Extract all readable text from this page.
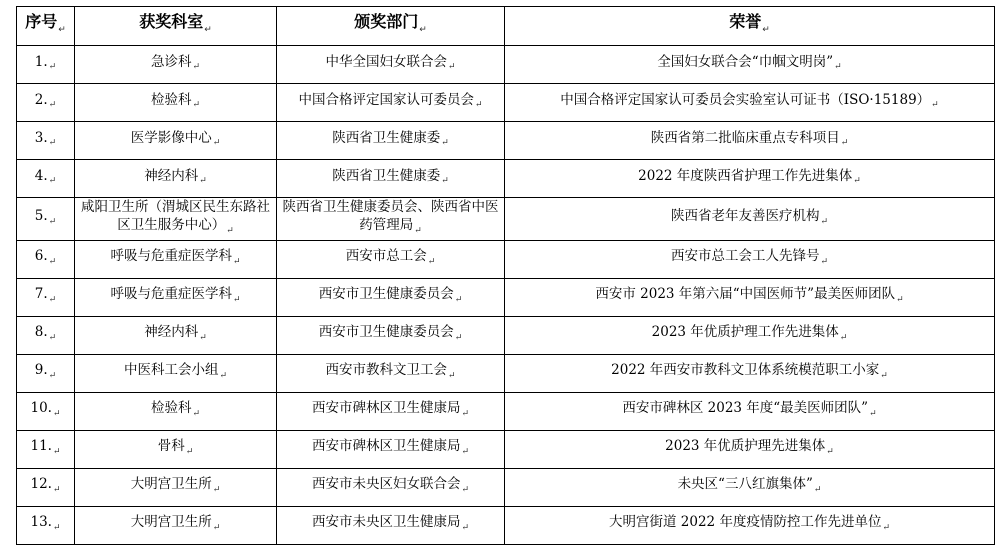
序号$_↵$	获奖科室$_↵$	颁奖部门$_↵$	荣誉$_↵$
$1._↵$	急诊科$_↵$	中华全国妇女联合会$_↵$	全国妇女联合会“巾帼文明岗$”_↵$
$2._↵$	检验科$_↵$	中国合格评定国家认可委员会$_↵$	中国合格评定国家认可委员会实验室认可证书$(ISO\cdot 15189)_↵$
$3._↵$	医学影像中心$_↵$	陕西省卫生健康委$_↵$	陕西省第二批临床重点专科项目$_↵$
$4._↵$	神经内科$_↵$	陕西省卫生健康委$_↵$	2022 年度陕西省护理工作先进集体$_↵$
$5._↵$	咸阳卫生所（渭城区民生东路社区卫生服务中心）$_↵$	陕西省卫生健康委员会、陕西省中医药管理局$_↵$	陕西省老年友善医疗机构$_↵$
$6._↵$	呼吸与危重症医学科$_↵$	西安市总工会$_↵$	西安市总工会工人先锋号$_↵$
$7._↵$	呼吸与危重症医学科$_↵$	西安市卫生健康委员会$_↵$	西安市 2023 年第六届“中国医师节”最美医师团队$_↵$
$8._↵$	神经内科$_↵$	西安市卫生健康委员会$_↵$	2023 年优质护理工作先进集体$_↵$
$9._↵$	中医科工会小组$_↵$	西安市教科文卫工会$_↵$	2022 年西安市教科文卫体系统模范职工小家$_↵$
$10._↵$	检验科$_↵$	西安市碑林区卫生健康局$_↵$	西安市碑林区 2023 年度“最美医师团队$”_↵$
$11._↵$	骨科$_↵$	西安市碑林区卫生健康局$_↵$	2023 年优质护理先进集体$_↵$
$12._↵$	大明宫卫生所$_↵$	西安市未央区妇女联合会$_↵$	未央区“三八红旗集体$”_↵$
$13._↵$	大明宫卫生所$_↵$	西安市未央区卫生健康局$_↵$	大明宫街道 2022 年度疫情防控工作先进单位$_↵$
